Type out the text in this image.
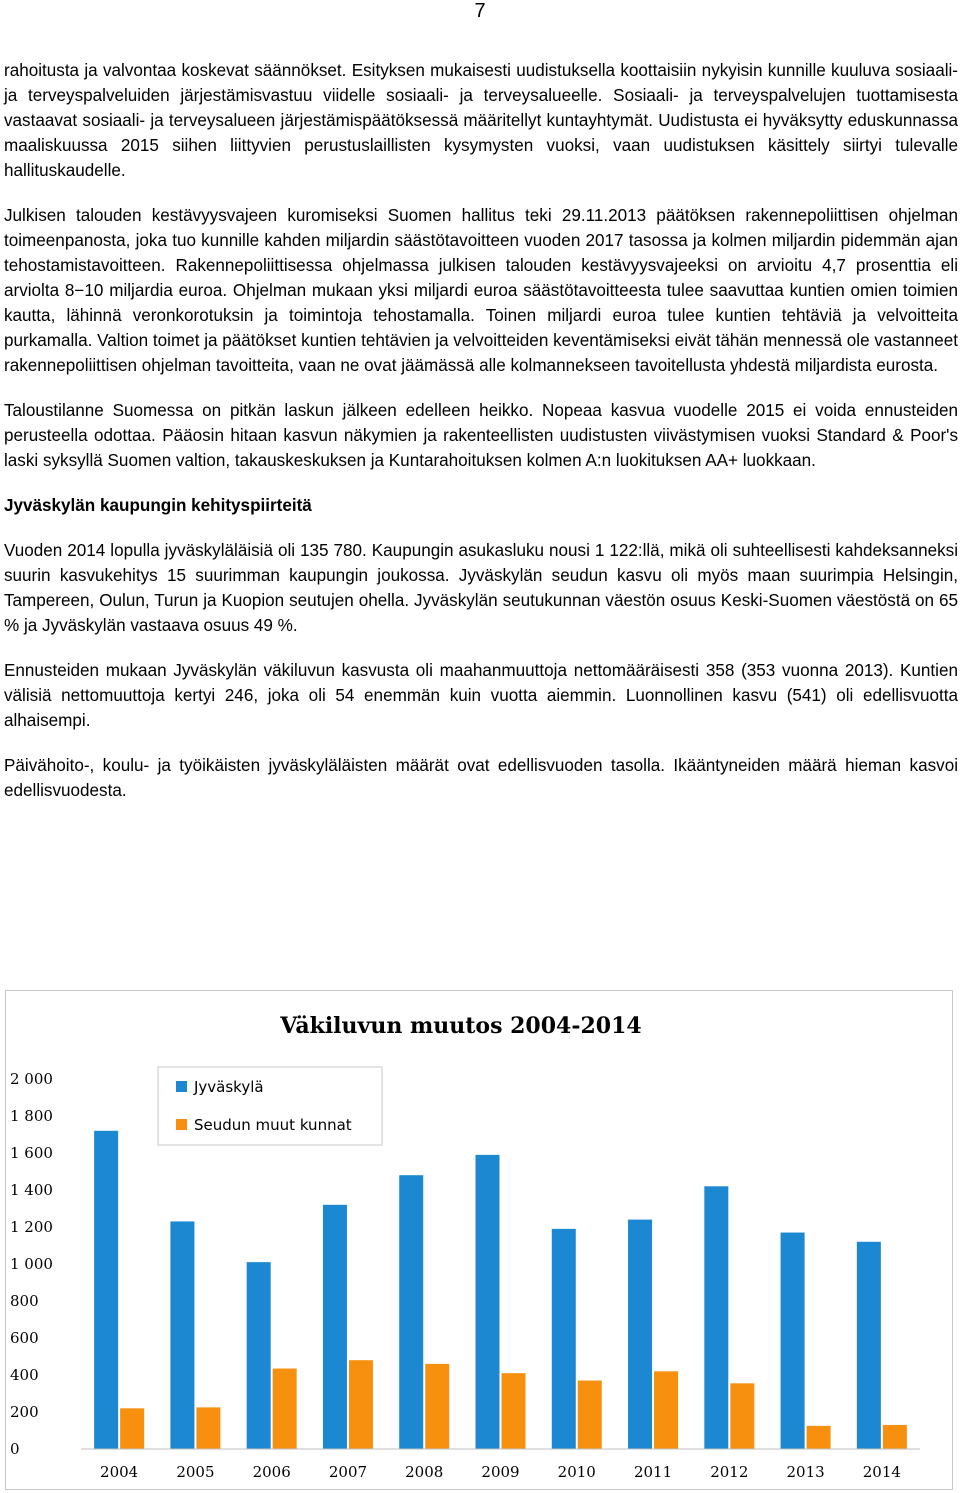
7

rahoitusta ja valvontaa koskevat säännökset. Esityksen mukaisesti uudistuksella koottaisiin nykyisin kunnille kuuluva sosiaali- ja terveyspalveluiden järjestämisvastuu viidelle sosiaali- ja terveysalueelle. Sosiaali- ja terveyspalvelujen tuottamisesta vastaavat sosiaali- ja terveysalueen järjestämispäätöksessä määritellyt kuntayhtymät. Uudistusta ei hyväksytty eduskunnassa maaliskuussa 2015 siihen liittyvien perustuslaillisten kysymysten vuoksi, vaan uudistuksen käsittely siirtyi tulevalle hallituskaudelle.

Julkisen talouden kestävyysvajeen kuromiseksi Suomen hallitus teki 29.11.2013 päätöksen rakennepoliittisen ohjelman toimeenpanosta, joka tuo kunnille kahden miljardin säästötavoitteen vuoden 2017 tasossa ja kolmen miljardin pidemmän ajan tehostamistavoitteen. Rakennepoliittisessa ohjelmassa julkisen talouden kestävyysvajeeksi on arvioitu 4,7 prosenttia eli arviolta 8−10 miljardia euroa. Ohjelman mukaan yksi miljardi euroa säästötavoitteesta tulee saavuttaa kuntien omien toimien kautta, lähinnä veronkorotuksin ja toimintoja tehostamalla. Toinen miljardi euroa tulee kuntien tehtäviä ja velvoitteita purkamalla. Valtion toimet ja päätökset kuntien tehtävien ja velvoitteiden keventämiseksi eivät tähän mennessä ole vastanneet rakennepoliittisen ohjelman tavoitteita, vaan ne ovat jäämässä alle kolmannekseen tavoitellusta yhdestä miljardista eurosta.

Taloustilanne Suomessa on pitkän laskun jälkeen edelleen heikko. Nopeaa kasvua vuodelle 2015 ei voida ennusteiden perusteella odottaa. Pääosin hitaan kasvun näkymien ja rakenteellisten uudistusten viivästymisen vuoksi Standard & Poor's laski syksyllä Suomen valtion, takauskeskuksen ja Kuntarahoituksen kolmen A:n luokituksen AA+ luokkaan.

Jyväskylän kaupungin kehityspiirteitä

Vuoden 2014 lopulla jyväskyläläisiä oli 135 780. Kaupungin asukasluku nousi 1 122:llä, mikä oli suhteellisesti kahdeksanneksi suurin kasvukehitys 15 suurimman kaupungin joukossa. Jyväskylän seudun kasvu oli myös maan suurimpia Helsingin, Tampereen, Oulun, Turun ja Kuopion seutujen ohella. Jyväskylän seutukunnan väestön osuus Keski-Suomen väestöstä on 65 % ja Jyväskylän vastaava osuus 49 %.

Ennusteiden mukaan Jyväskylän väkiluvun kasvusta oli maahanmuuttoja nettomääräisesti 358 (353 vuonna 2013). Kuntien välisiä nettomuuttoja kertyi 246, joka oli 54 enemmän kuin vuotta aiemmin. Luonnollinen kasvu (541) oli edellisvuotta alhaisempi.

Päivähoito-, koulu- ja työikäisten jyväskyläläisten määrät ovat edellisvuoden tasolla. Ikääntyneiden määrä hieman kasvoi edellisvuodesta.

Väkiluvun muutos 2004-2014
0
200
400
600
800
1 000
1 200
1 400
1 600
1 800
2 000
2004	2005	2006	2007	2008	2009	2010	2011	2012	2013	2014
Jyväskylä
Seudun muut kunnat
